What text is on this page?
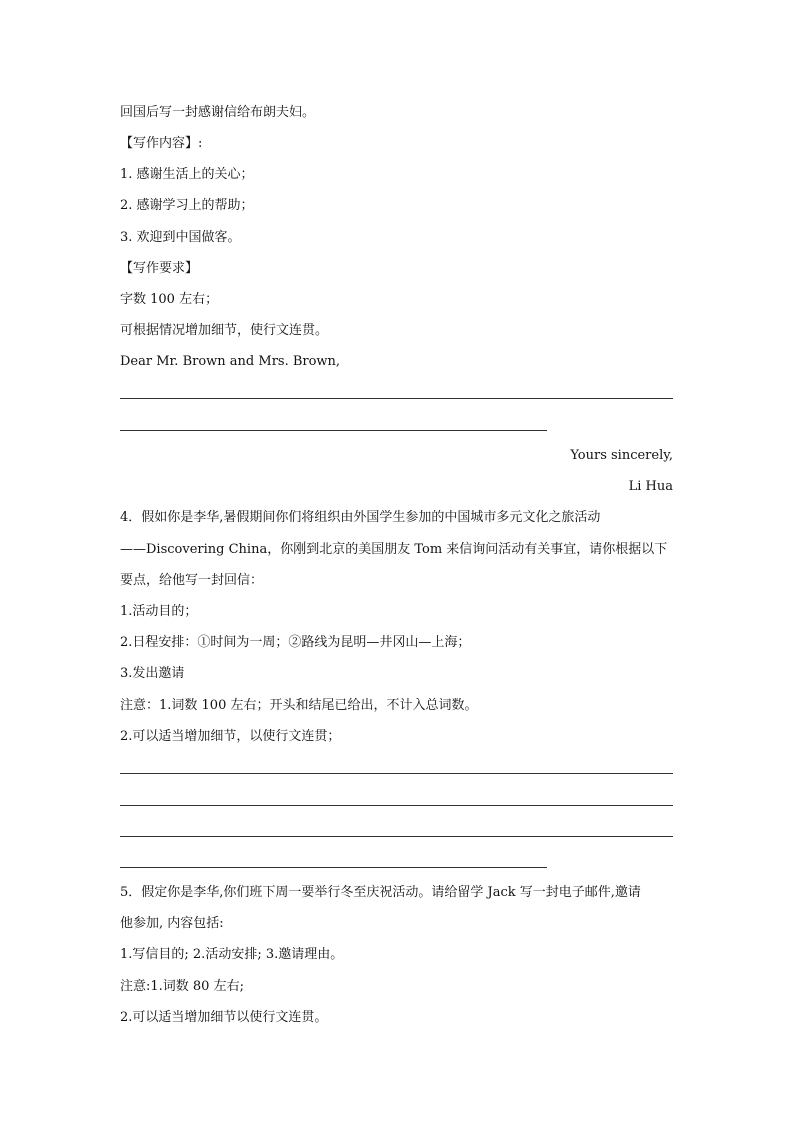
回国后写一封感谢信给布朗夫妇。
【写作内容】:
1. 感谢生活上的关心；
2. 感谢学习上的帮助；
3. 欢迎到中国做客。
【写作要求】
字数 100 左右；
可根据情况增加细节，使行文连贯。
Dear Mr. Brown and Mrs. Brown,
Yours sincerely,
Li Hua
4．假如你是李华,暑假期间你们将组织由外国学生参加的中国城市多元文化之旅活动
——Discovering China，你刚到北京的美国朋友 Tom 来信询问活动有关事宜，请你根据以下
要点，给他写一封回信：
1.活动目的；
2.日程安排：①时间为一周；②路线为昆明—井冈山—上海；
3.发出邀请
注意：1.词数 100 左右；开头和结尾已给出，不计入总词数。
2.可以适当增加细节，以使行文连贯；
5．假定你是李华,你们班下周一要举行冬至庆祝活动。请给留学 Jack 写一封电子邮件,邀请
他参加, 内容包括:
1.写信目的; 2.活动安排; 3.邀请理由。
注意:1.词数 80 左右;
2.可以适当增加细节以使行文连贯。
